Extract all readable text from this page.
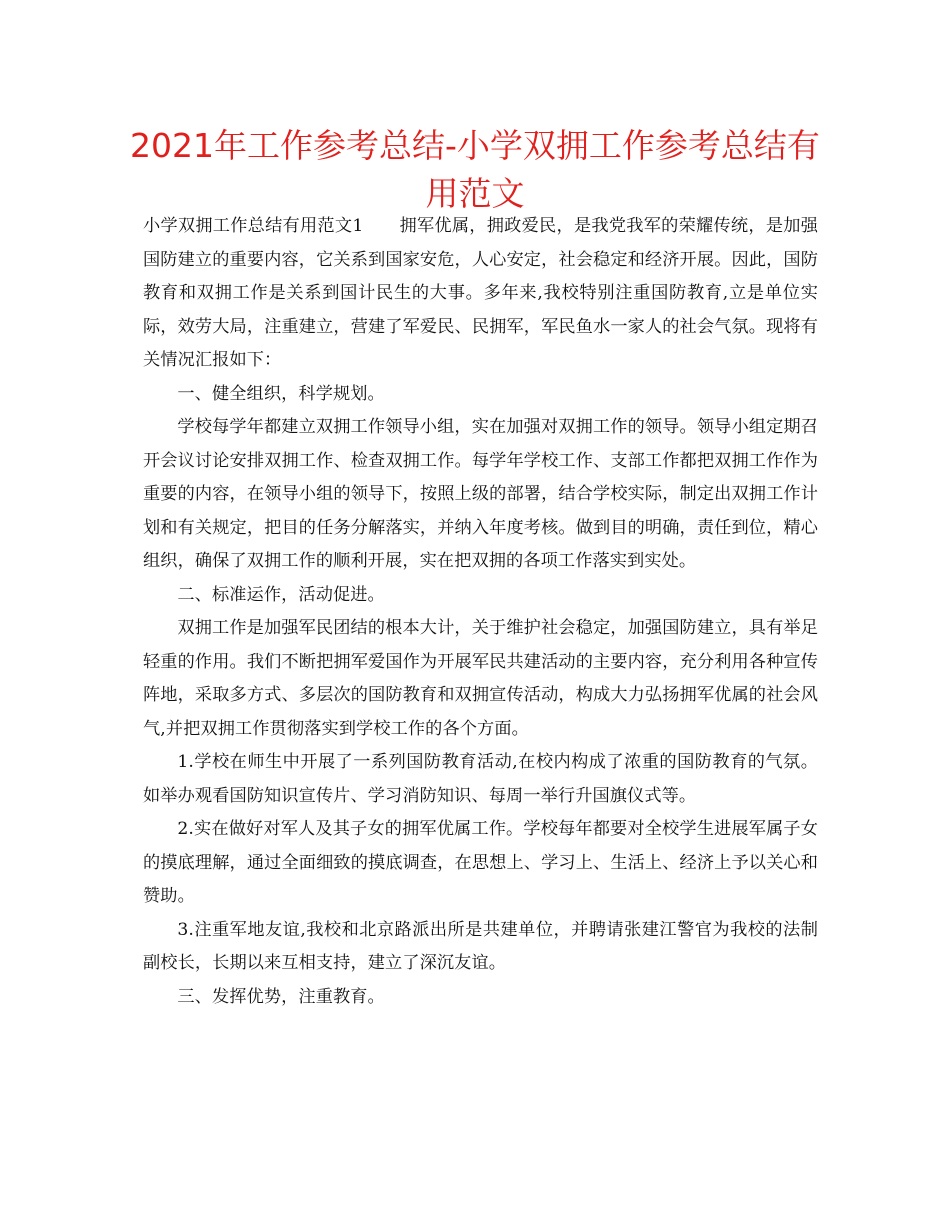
2021年工作参考总结-小学双拥工作参考总结有用范文

小学双拥工作总结有用范文1 拥军优属，拥政爱民，是我党我军的荣耀传统，是加强国防建立的重要内容，它关系到国家安危，人心安定，社会稳定和经济开展。因此，国防教育和双拥工作是关系到国计民生的大事。多年来,我校特别注重国防教育,立是单位实际，效劳大局，注重建立，营建了军爱民、民拥军，军民鱼水一家人的社会气氛。现将有关情况汇报如下：

一、健全组织，科学规划。

学校每学年都建立双拥工作领导小组，实在加强对双拥工作的领导。领导小组定期召开会议讨论安排双拥工作、检查双拥工作。每学年学校工作、支部工作都把双拥工作作为重要的内容，在领导小组的领导下，按照上级的部署，结合学校实际，制定出双拥工作计划和有关规定，把目的任务分解落实，并纳入年度考核。做到目的明确，责任到位，精心组织，确保了双拥工作的顺利开展，实在把双拥的各项工作落实到实处。

二、标准运作，活动促进。

双拥工作是加强军民团结的根本大计，关于维护社会稳定，加强国防建立，具有举足轻重的作用。我们不断把拥军爱国作为开展军民共建活动的主要内容，充分利用各种宣传阵地，采取多方式、多层次的国防教育和双拥宣传活动，构成大力弘扬拥军优属的社会风气,并把双拥工作贯彻落实到学校工作的各个方面。

1.学校在师生中开展了一系列国防教育活动,在校内构成了浓重的国防教育的气氛。如举办观看国防知识宣传片、学习消防知识、每周一举行升国旗仪式等。

2.实在做好对军人及其子女的拥军优属工作。学校每年都要对全校学生进展军属子女的摸底理解，通过全面细致的摸底调查，在思想上、学习上、生活上、经济上予以关心和赞助。

3.注重军地友谊,我校和北京路派出所是共建单位，并聘请张建江警官为我校的法制副校长，长期以来互相支持，建立了深沉友谊。

三、发挥优势，注重教育。
